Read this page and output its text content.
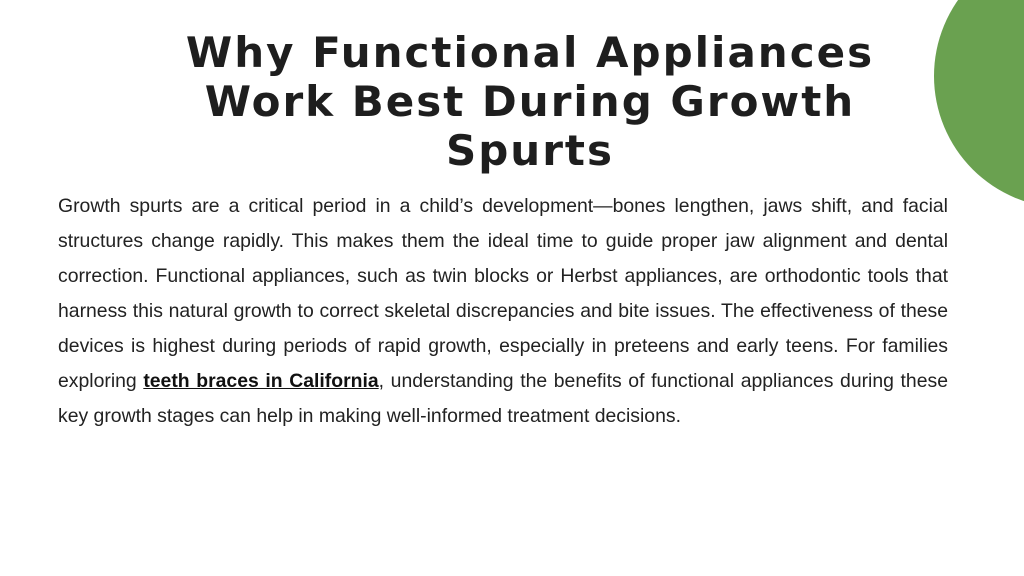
Why Functional Appliances Work Best During Growth Spurts

Growth spurts are a critical period in a child’s development—bones lengthen, jaws shift, and facial structures change rapidly. This makes them the ideal time to guide proper jaw alignment and dental correction. Functional appliances, such as twin blocks or Herbst appliances, are orthodontic tools that harness this natural growth to correct skeletal discrepancies and bite issues. The effectiveness of these devices is highest during periods of rapid growth, especially in preteens and early teens. For families exploring teeth braces in California, understanding the benefits of functional appliances during these key growth stages can help in making well-informed treatment decisions.
